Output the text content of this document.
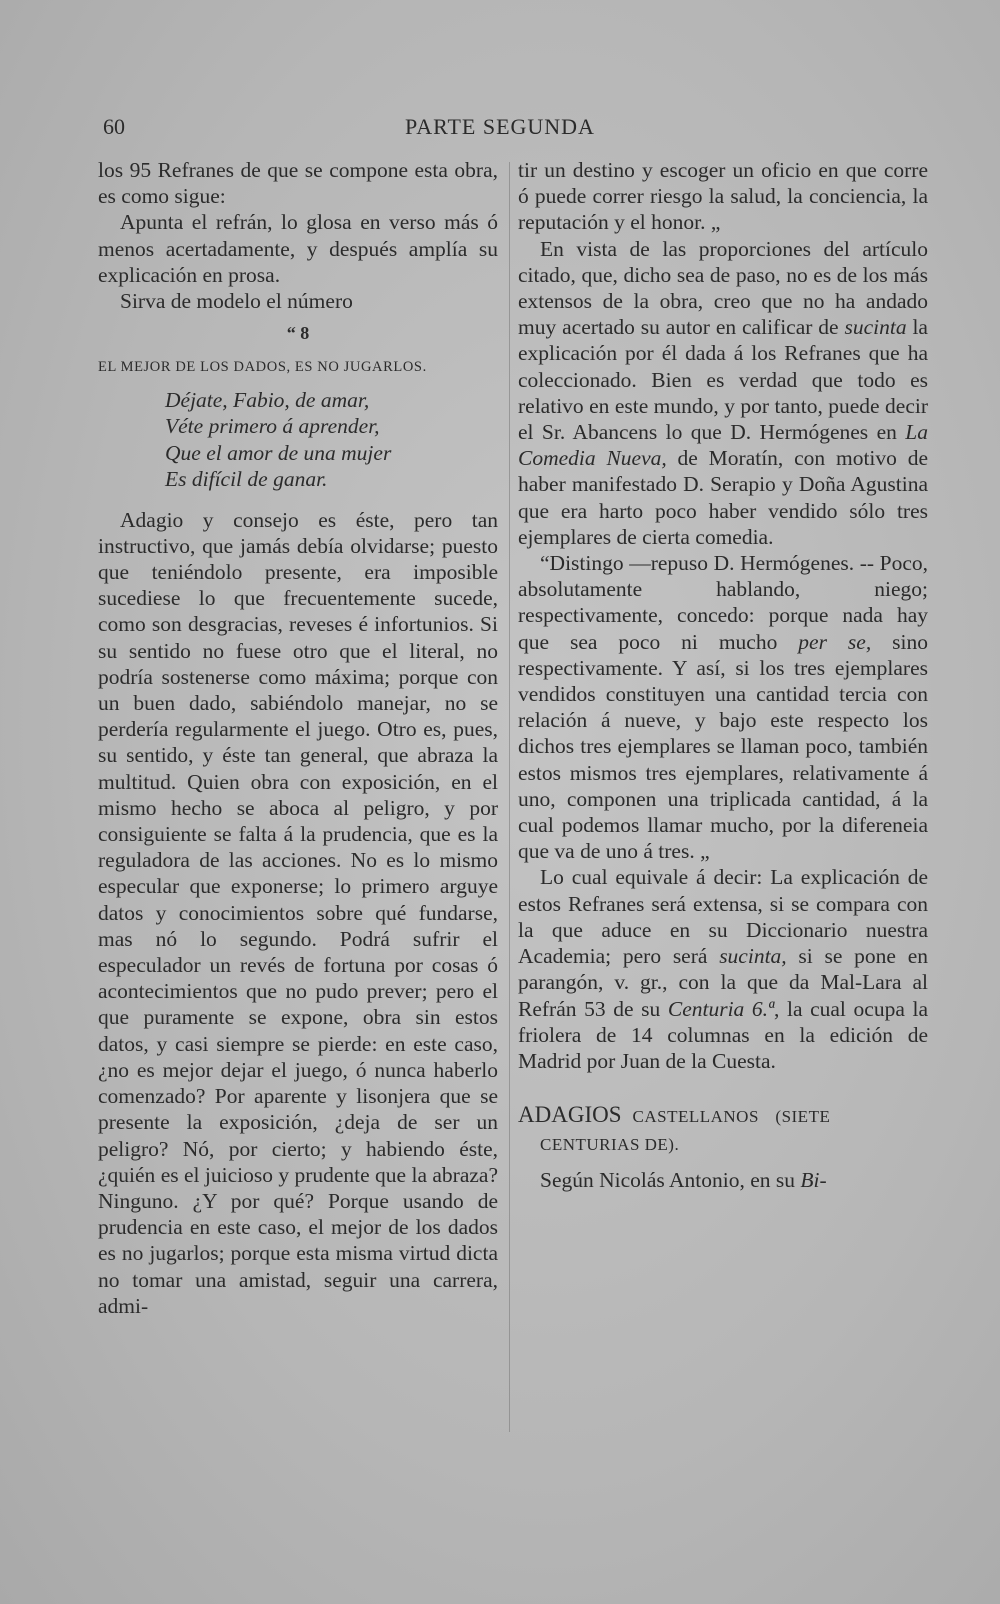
60	PARTE SEGUNDA

los 95 Refranes de que se compone esta obra, es como sigue:

Apunta el refrán, lo glosa en verso más ó menos acertadamente, y después amplía su explicación en prosa.

Sirva de modelo el número

“ 8

EL MEJOR DE LOS DADOS, ES NO JUGARLOS.

Déjate, Fabio, de amar,
Véte primero á aprender,
Que el amor de una mujer
Es difícil de ganar.

Adagio y consejo es éste, pero tan instructivo, que jamás debía olvidarse; puesto que teniéndolo presente, era imposible sucediese lo que frecuentemente sucede, como son desgracias, reveses é infortunios. Si su sentido no fuese otro que el literal, no podría sostenerse como máxima; porque con un buen dado, sabiéndolo manejar, no se perdería regularmente el juego. Otro es, pues, su sentido, y éste tan general, que abraza la multitud. Quien obra con exposición, en el mismo hecho se aboca al peligro, y por consiguiente se falta á la prudencia, que es la reguladora de las acciones. No es lo mismo especular que exponerse; lo primero arguye datos y conocimientos sobre qué fundarse, mas nó lo segundo. Podrá sufrir el especulador un revés de fortuna por cosas ó acontecimientos que no pudo prever; pero el que puramente se expone, obra sin estos datos, y casi siempre se pierde: en este caso, ¿no es mejor dejar el juego, ó nunca haberlo comenzado? Por aparente y lisonjera que se presente la exposición, ¿deja de ser un peligro? Nó, por cierto; y habiendo éste, ¿quién es el juicioso y prudente que la abraza? Ninguno. ¿Y por qué? Porque usando de prudencia en este caso, el mejor de los dados es no jugarlos; porque esta misma virtud dicta no tomar una amistad, seguir una carrera, admi-

tir un destino y escoger un oficio en que corre ó puede correr riesgo la salud, la conciencia, la reputación y el honor. „

En vista de las proporciones del artículo citado, que, dicho sea de paso, no es de los más extensos de la obra, creo que no ha andado muy acertado su autor en calificar de sucinta la explicación por él dada á los Refranes que ha coleccionado. Bien es verdad que todo es relativo en este mundo, y por tanto, puede decir el Sr. Abancens lo que D. Hermógenes en La Comedia Nueva, de Moratín, con motivo de haber manifestado D. Serapio y Doña Agustina que era harto poco haber vendido sólo tres ejemplares de cierta comedia.

“Distingo —repuso D. Hermógenes. -- Poco, absolutamente hablando, niego; respectivamente, concedo: porque nada hay que sea poco ni mucho per se, sino respectivamente. Y así, si los tres ejemplares vendidos constituyen una cantidad tercia con relación á nueve, y bajo este respecto los dichos tres ejemplares se llaman poco, también estos mismos tres ejemplares, relativamente á uno, componen una triplicada cantidad, á la cual podemos llamar mucho, por la difereneia que va de uno á tres. „

Lo cual equivale á decir: La explicación de estos Refranes será extensa, si se compara con la que aduce en su Diccionario nuestra Academia; pero será sucinta, si se pone en parangón, v. gr., con la que da Mal-Lara al Refrán 53 de su Centuria 6.ª, la cual ocupa la friolera de 14 columnas en la edición de Madrid por Juan de la Cuesta.

ADAGIOS CASTELLANOS (SIETE
CENTURIAS DE).

Según Nicolás Antonio, en su Bi-
